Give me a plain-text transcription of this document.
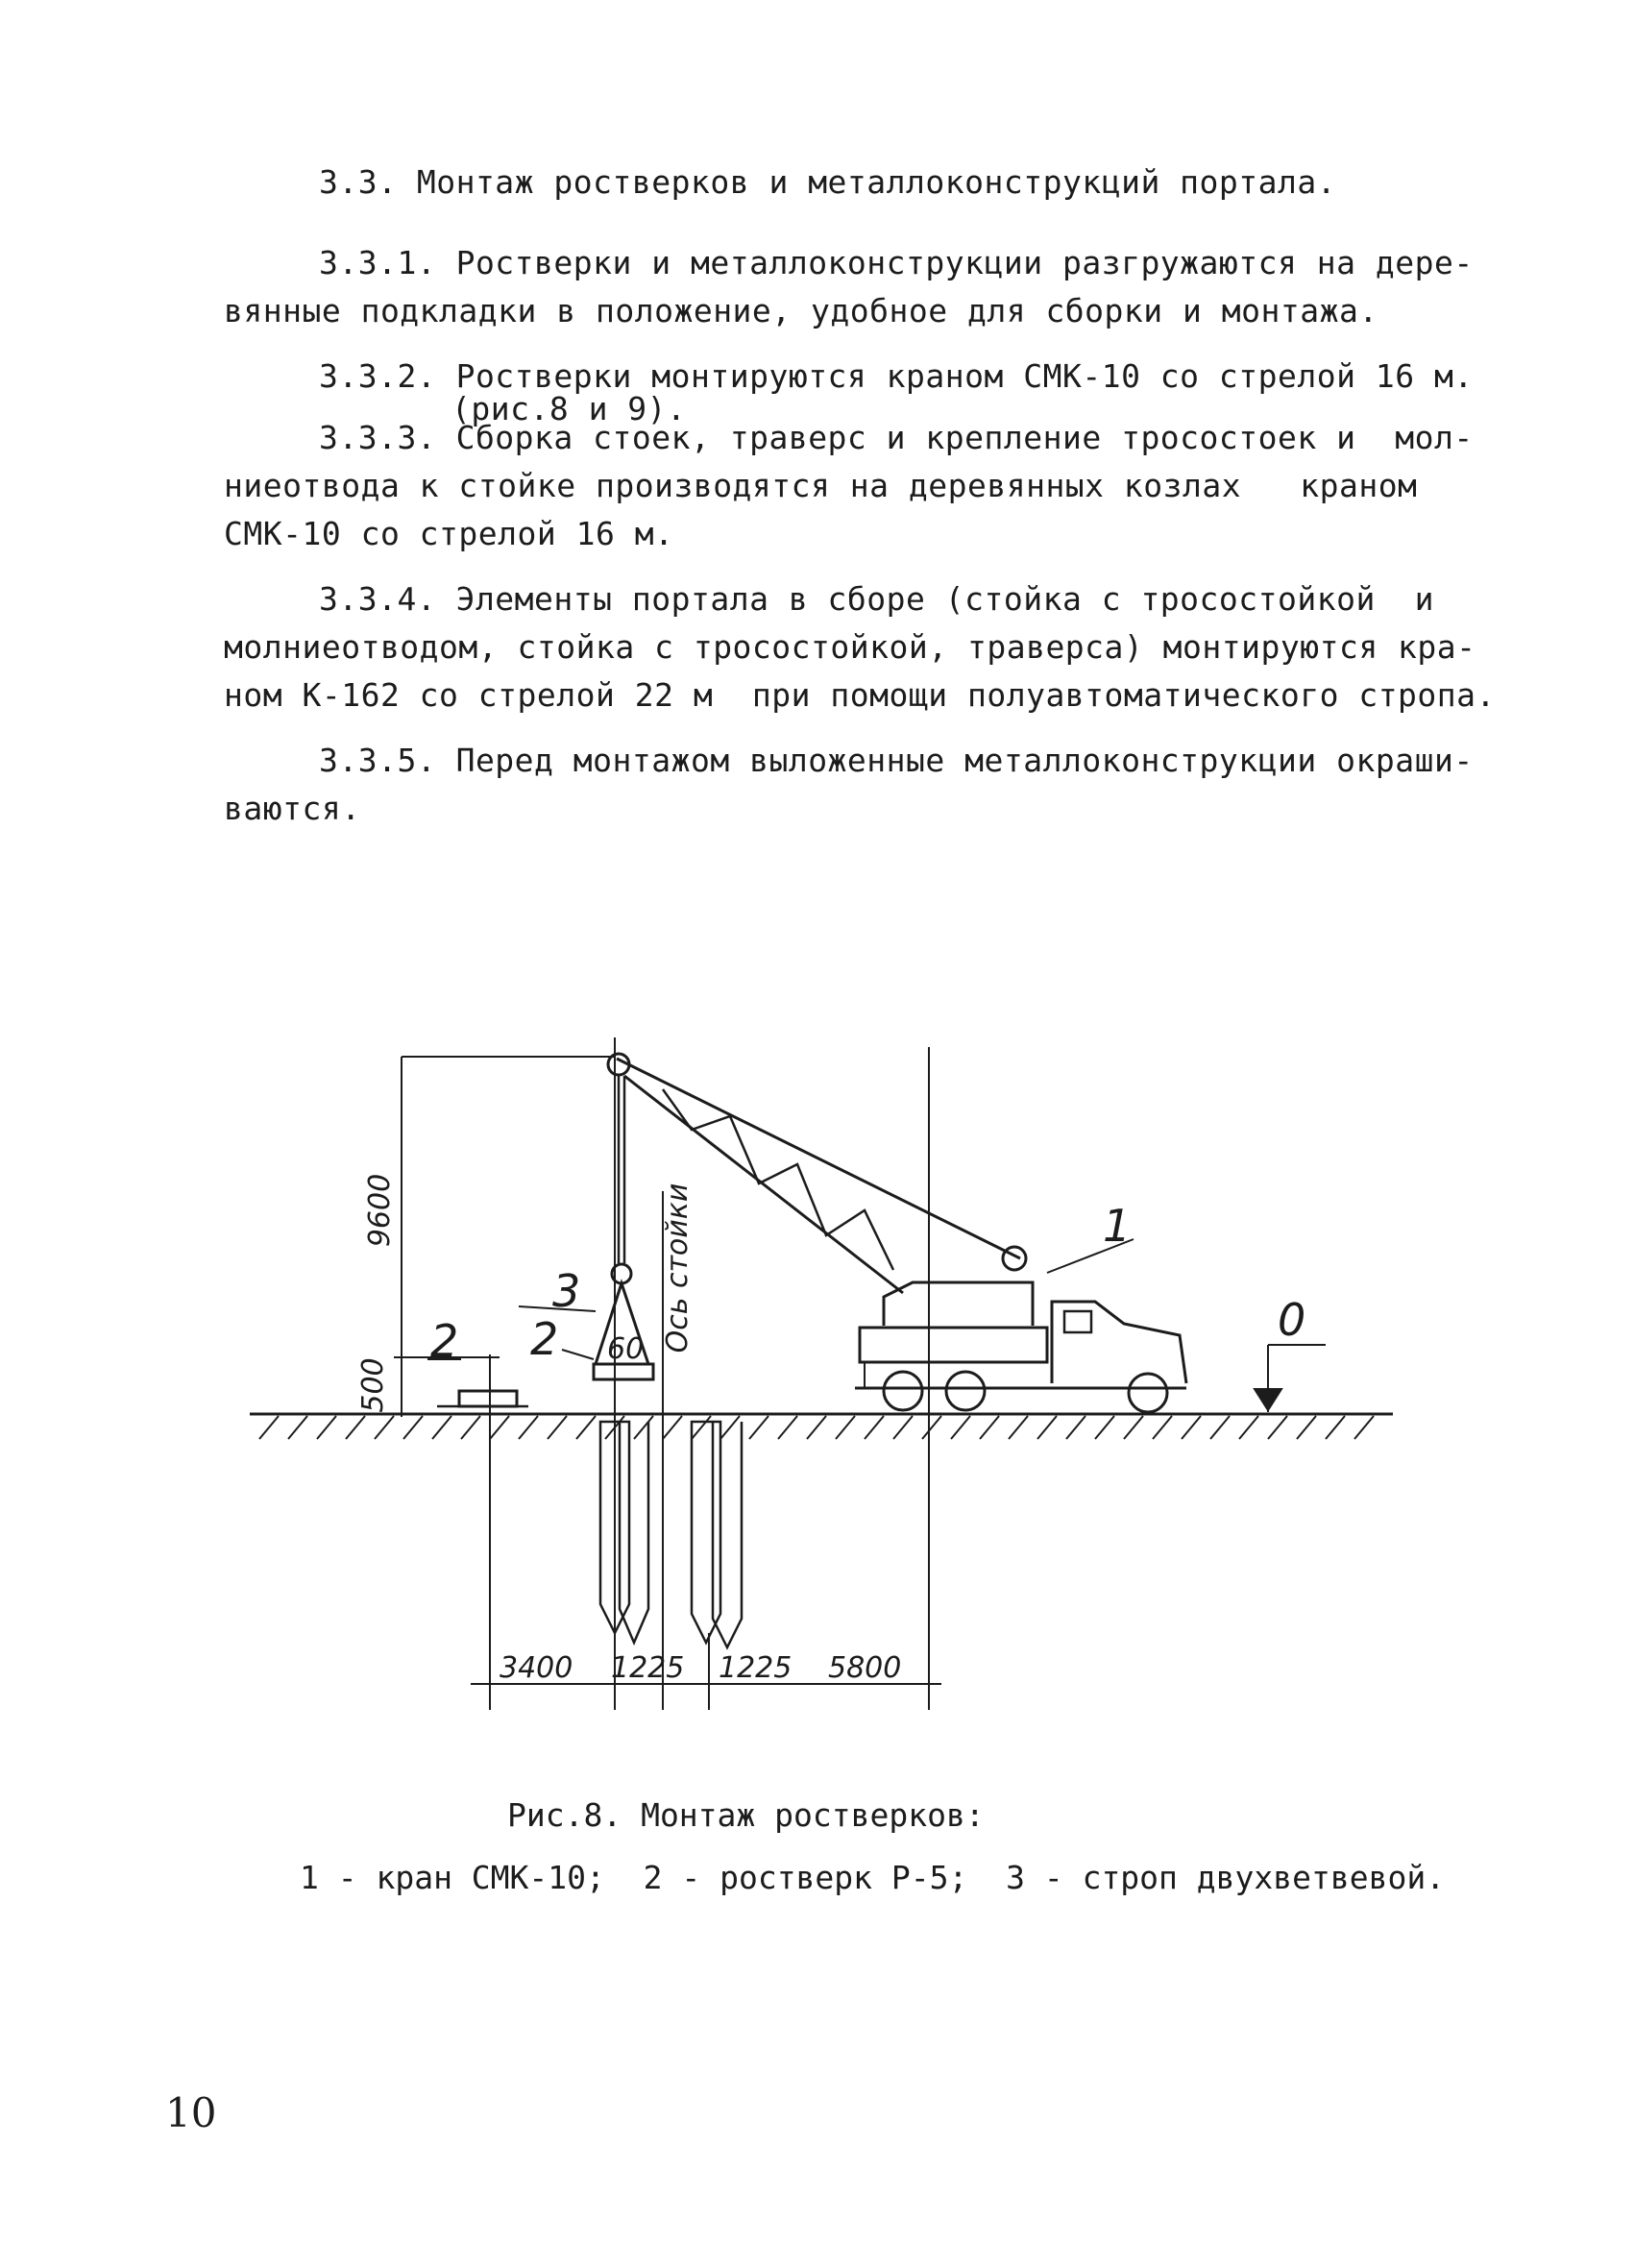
3.3. Монтаж ростверков и металлоконструкций портала.
3.3.1. Ростверки и металлоконструкции разгружаются на дере-
вянные подкладки в положение, удобное для сборки и монтажа.
3.3.2. Ростверки монтируются краном СМК-10 со стрелой 16 м.
(рис.8 и 9).
3.3.3. Сборка стоек, траверс и крепление тросостоек и  мол-
ниеотвода к стойке производятся на деревянных козлах   краном
СМК-10 со стрелой 16 м.
3.3.4. Элементы портала в сборе (стойка с тросостойкой  и
молниеотводом, стойка с тросостойкой, траверса) монтируются кра-
ном К-162 со стрелой 22 м  при помощи полуавтоматического стропа.
3.3.5. Перед монтажом выложенные металлоконструкции окраши-
ваются.
60
9600
500
Ось стойки
3400 1225 1225 5800
1
3
2
2	0
Рис.8. Монтаж ростверков:
1 - кран СМК-10;  2 - ростверк Р-5;  3 - строп двухветвевой.
10
